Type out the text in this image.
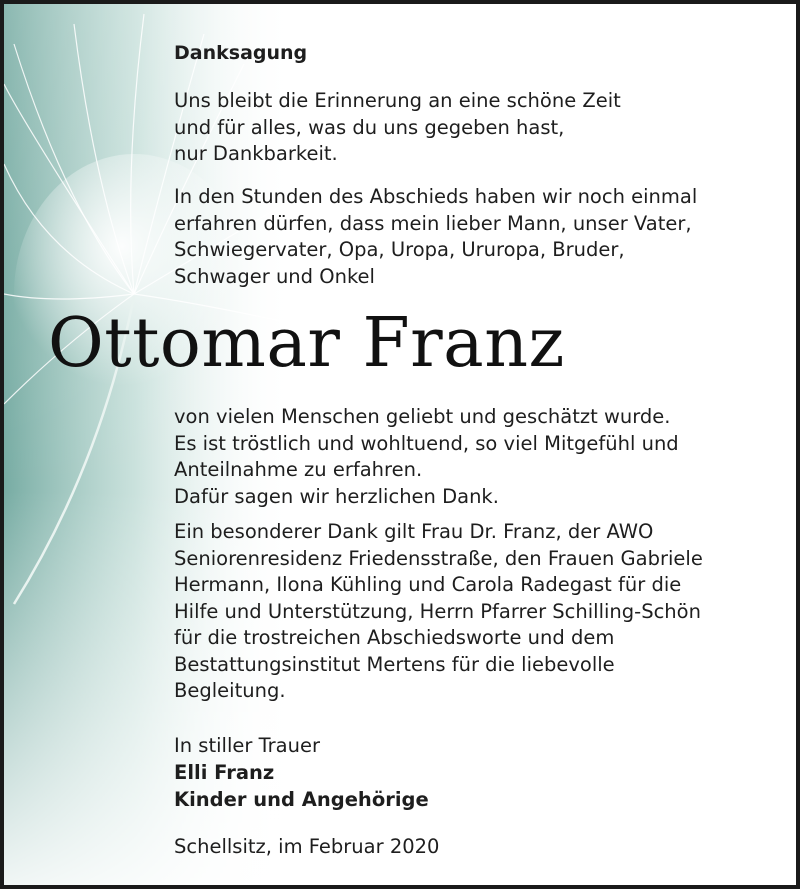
Danksagung

Uns bleibt die Erinnerung an eine schöne Zeit
und für alles, was du uns gegeben hast,
nur Dankbarkeit.

In den Stunden des Abschieds haben wir noch einmal
erfahren dürfen, dass mein lieber Mann, unser Vater,
Schwiegervater, Opa, Uropa, Ururopa, Bruder,
Schwager und Onkel

von vielen Menschen geliebt und geschätzt wurde.
Es ist tröstlich und wohltuend, so viel Mitgefühl und
Anteilnahme zu erfahren.
Dafür sagen wir herzlichen Dank.

Ein besonderer Dank gilt Frau Dr. Franz, der AWO
Seniorenresidenz Friedensstraße, den Frauen Gabriele
Hermann, Ilona Kühling und Carola Radegast für die
Hilfe und Unterstützung, Herrn Pfarrer Schilling-Schön
für die trostreichen Abschiedsworte und dem
Bestattungsinstitut Mertens für die liebevolle
Begleitung.

In stiller Trauer
Elli Franz
Kinder und Angehörige
Schellsitz, im Februar 2020
Ottomar Franz
